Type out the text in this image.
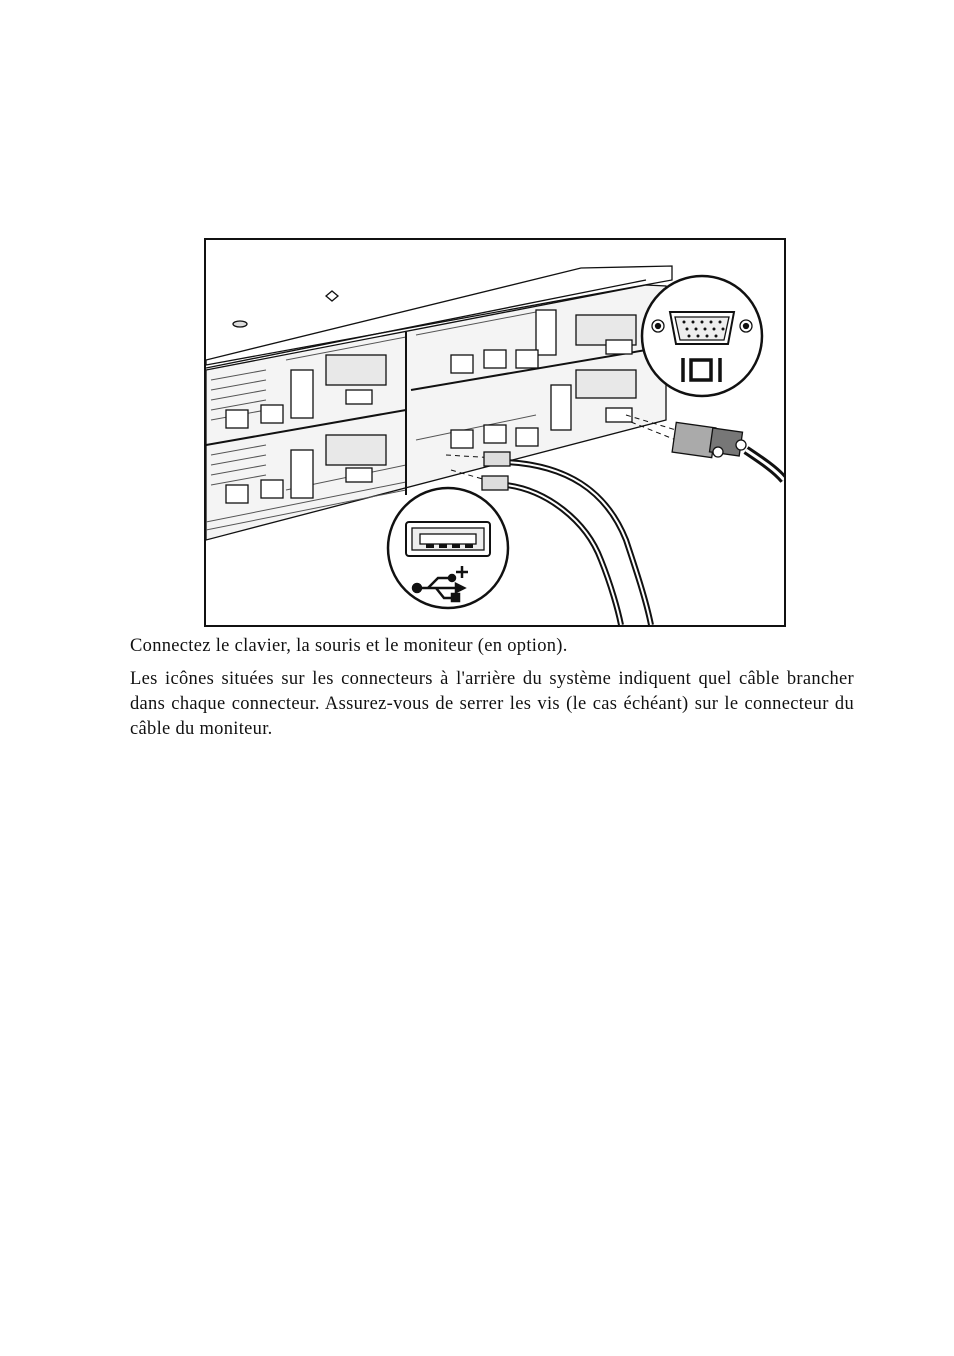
Connectez le clavier, la souris et le moniteur (en option).
Les icônes situées sur les connecteurs à l'arrière du système indiquent quel câble brancher dans chaque connecteur. Assurez-vous de serrer les vis (le cas échéant) sur le connecteur du câble du moniteur.
